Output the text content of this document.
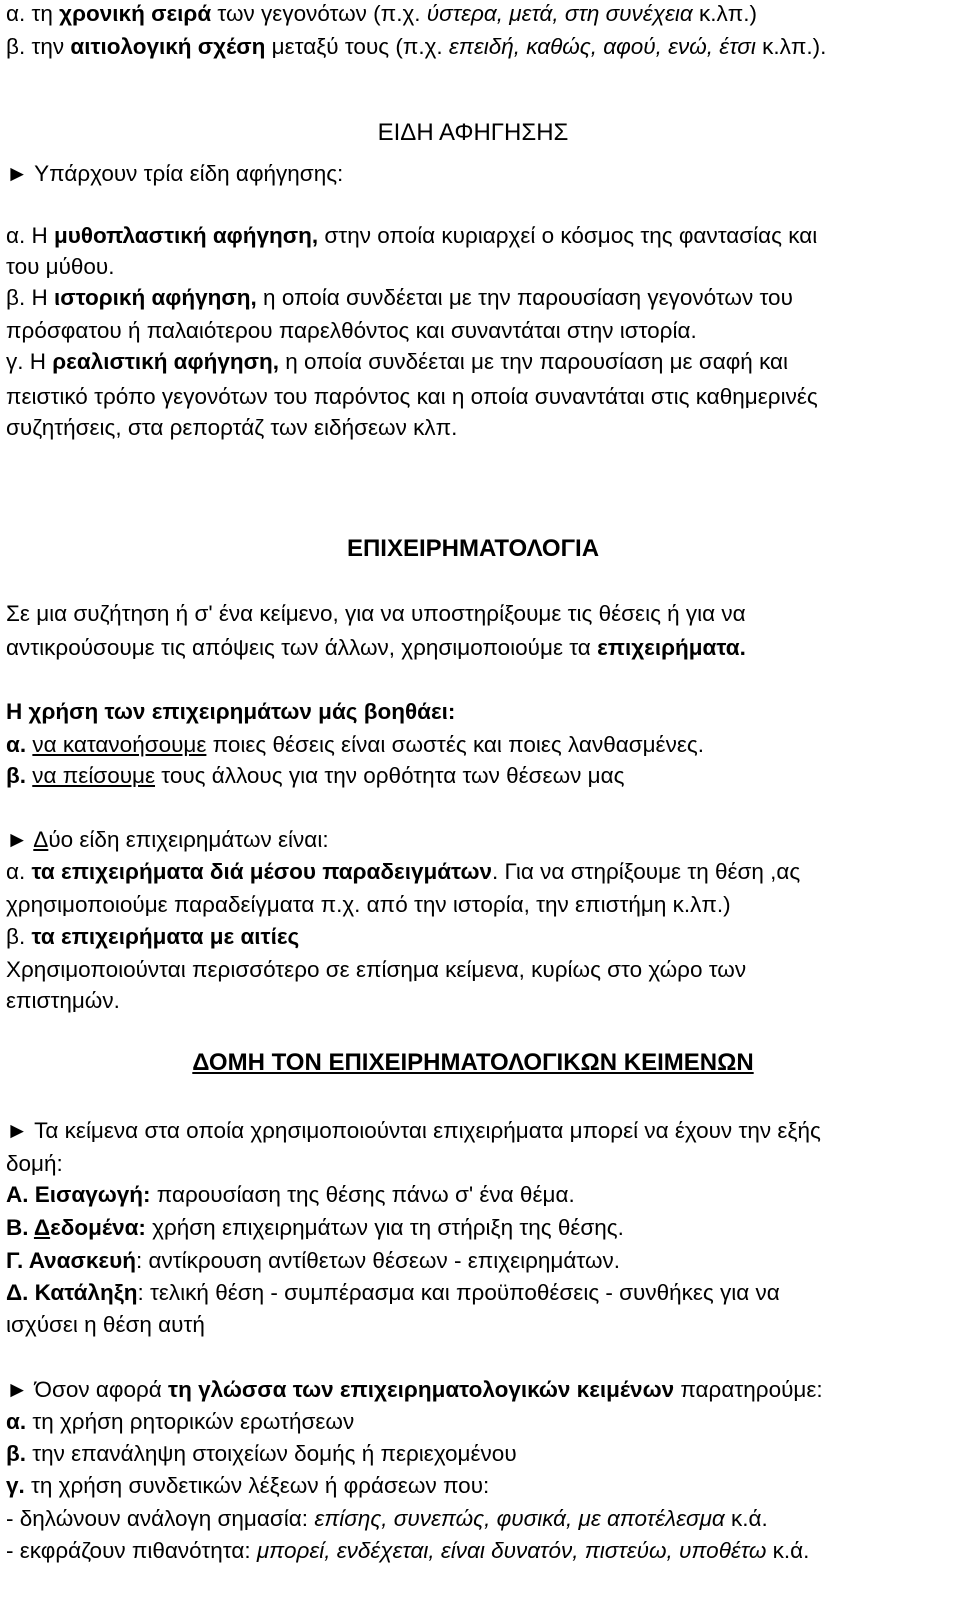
α. τη χρονική σειρά των γεγονότων (π.χ. ύστερα, μετά, στη συνέχεια κ.λπ.)
β. την αιτιολογική σχέση μεταξύ τους (π.χ. επειδή, καθώς, αφού, ενώ, έτσι κ.λπ.).
ΕΙΔΗ ΑΦΗΓΗΣΗΣ
► Υπάρχουν τρία είδη αφήγησης:
α. Η μυθοπλαστική αφήγηση, στην οποία κυριαρχεί ο κόσμος της φαντασίας και
του μύθου.
β. Η ιστορική αφήγηση, η οποία συνδέεται με την παρουσίαση γεγονότων του
πρόσφατου ή παλαιότερου παρελθόντος και συναντάται στην ιστορία.
γ. Η ρεαλιστική αφήγηση, η οποία συνδέεται με την παρουσίαση με σαφή και
πειστικό τρόπο γεγονότων του παρόντος και η οποία συναντάται στις καθημερινές
συζητήσεις, στα ρεπορτάζ των ειδήσεων κλπ.
ΕΠΙΧΕΙΡΗΜΑΤΟΛΟΓΙΑ
Σε μια συζήτηση ή σ' ένα κείμενο, για να υποστηρίξουμε τις θέσεις ή για να
αντικρούσουμε τις απόψεις των άλλων, χρησιμοποιούμε τα επιχειρήματα.
Η χρήση των επιχειρημάτων μάς βοηθάει:
α. να κατανοήσουμε ποιες θέσεις είναι σωστές και ποιες λανθασμένες.
β. να πείσουμε τους άλλους για την ορθότητα των θέσεων μας
► Δύο είδη επιχειρημάτων είναι:
α. τα επιχειρήματα διά μέσου παραδειγμάτων. Για να στηρίξουμε τη θέση ,ας
χρησιμοποιούμε παραδείγματα π.χ. από την ιστορία, την επιστήμη κ.λπ.)
β. τα επιχειρήματα με αιτίες
Χρησιμοποιούνται περισσότερο σε επίσημα κείμενα, κυρίως στο χώρο των
επιστημών.
ΔΟΜΗ ΤΟΝ ΕΠΙΧΕΙΡΗΜΑΤΟΛΟΓΙΚΩΝ ΚΕΙΜΕΝΩΝ
► Τα κείμενα στα οποία χρησιμοποιούνται επιχειρήματα μπορεί να έχουν την εξής
δομή:
Α. Εισαγωγή: παρουσίαση της θέσης πάνω σ' ένα θέμα.
Β. Δεδομένα: χρήση επιχειρημάτων για τη στήριξη της θέσης.
Γ. Ανασκευή: αντίκρουση αντίθετων θέσεων - επιχειρημάτων.
Δ. Κατάληξη: τελική θέση - συμπέρασμα και προϋποθέσεις - συνθήκες για να
ισχύσει η θέση αυτή
► Όσον αφορά τη γλώσσα των επιχειρηματολογικών κειμένων παρατηρούμε:
α. τη χρήση ρητορικών ερωτήσεων
β. την επανάληψη στοιχείων δομής ή περιεχομένου
γ. τη χρήση συνδετικών λέξεων ή φράσεων που:
- δηλώνουν ανάλογη σημασία: επίσης, συνεπώς, φυσικά, με αποτέλεσμα κ.ά.
- εκφράζουν πιθανότητα: μπορεί, ενδέχεται, είναι δυνατόν, πιστεύω, υποθέτω κ.ά.
